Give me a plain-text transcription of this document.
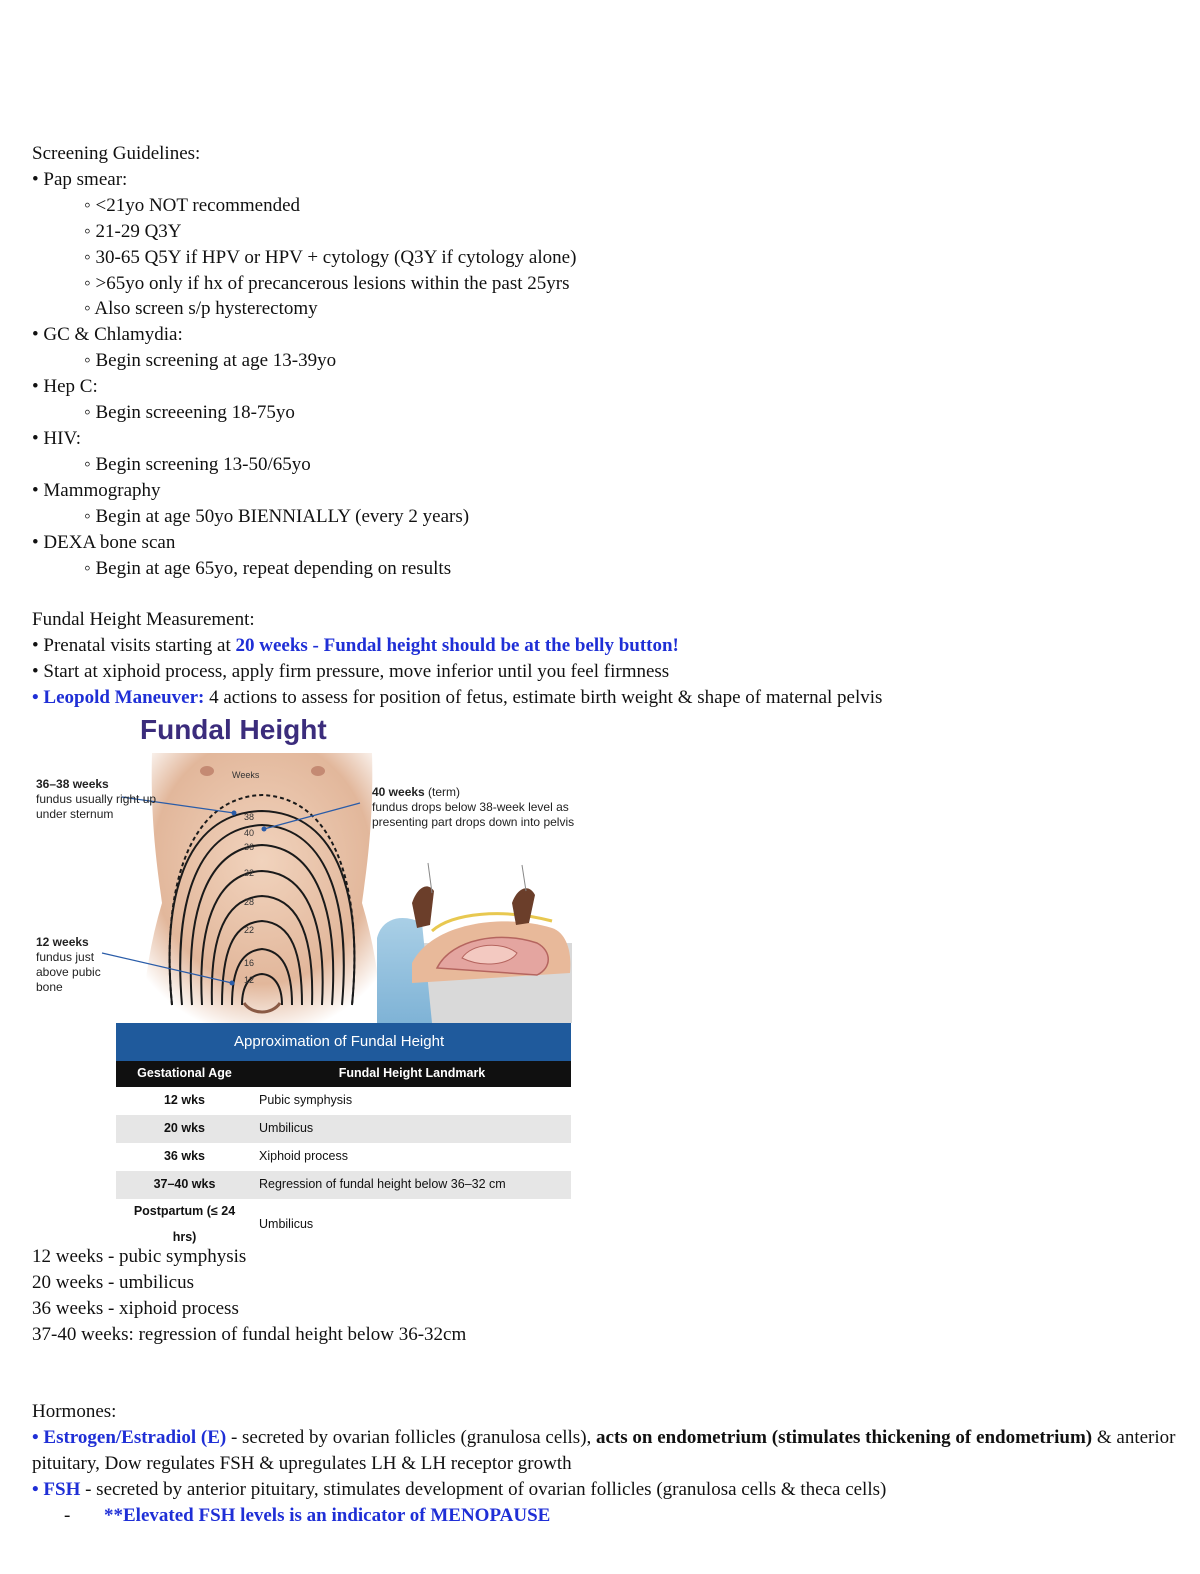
Screening Guidelines:
• Pap smear:
◦ <21yo NOT recommended
◦ 21-29 Q3Y
◦ 30-65 Q5Y if HPV or HPV + cytology (Q3Y if cytology alone)
◦ >65yo only if hx of precancerous lesions within the past 25yrs
◦ Also screen s/p hysterectomy
• GC & Chlamydia:
◦ Begin screening at age 13-39yo
• Hep C:
◦ Begin screeening 18-75yo
• HIV:
◦ Begin screening 13-50/65yo
• Mammography
◦ Begin at age 50yo BIENNIALLY (every 2 years)
• DEXA bone scan
◦ Begin at age 65yo, repeat depending on results
Fundal Height Measurement:
• Prenatal visits starting at 20 weeks - Fundal height should be at the belly button!
• Start at xiphoid process, apply firm pressure, move inferior until you feel firmness
• Leopold Maneuver: 4 actions to assess for position of fetus, estimate birth weight & shape of maternal pelvis
Fundal Height
Weeks
38
40
36
32
28
22
16
12
36–38 weeks
fundus usually right up under sternum
40 weeks (term)
fundus drops below 38-week level as presenting part drops down into pelvis
12 weeks
fundus just above pubic bone
Approximation of Fundal Height	
Gestational Age	Fundal Height Landmark
12 wks	Pubic symphysis
20 wks	Umbilicus
36 wks	Xiphoid process
37–40 wks	Regression of fundal height below 36–32 cm
Postpartum (≤ 24 hrs)	Umbilicus
12 weeks - pubic symphysis
20 weeks - umbilicus
36 weeks - xiphoid process
37-40 weeks: regression of fundal height below 36-32cm
Hormones:
• Estrogen/Estradiol (E) - secreted by ovarian follicles (granulosa cells), acts on endometrium (stimulates thickening of endometrium) & anterior pituitary, Dow regulates FSH & upregulates LH & LH receptor growth
• FSH - secreted by anterior pituitary, stimulates development of ovarian follicles (granulosa cells & theca cells)
- **Elevated FSH levels is an indicator of MENOPAUSE
